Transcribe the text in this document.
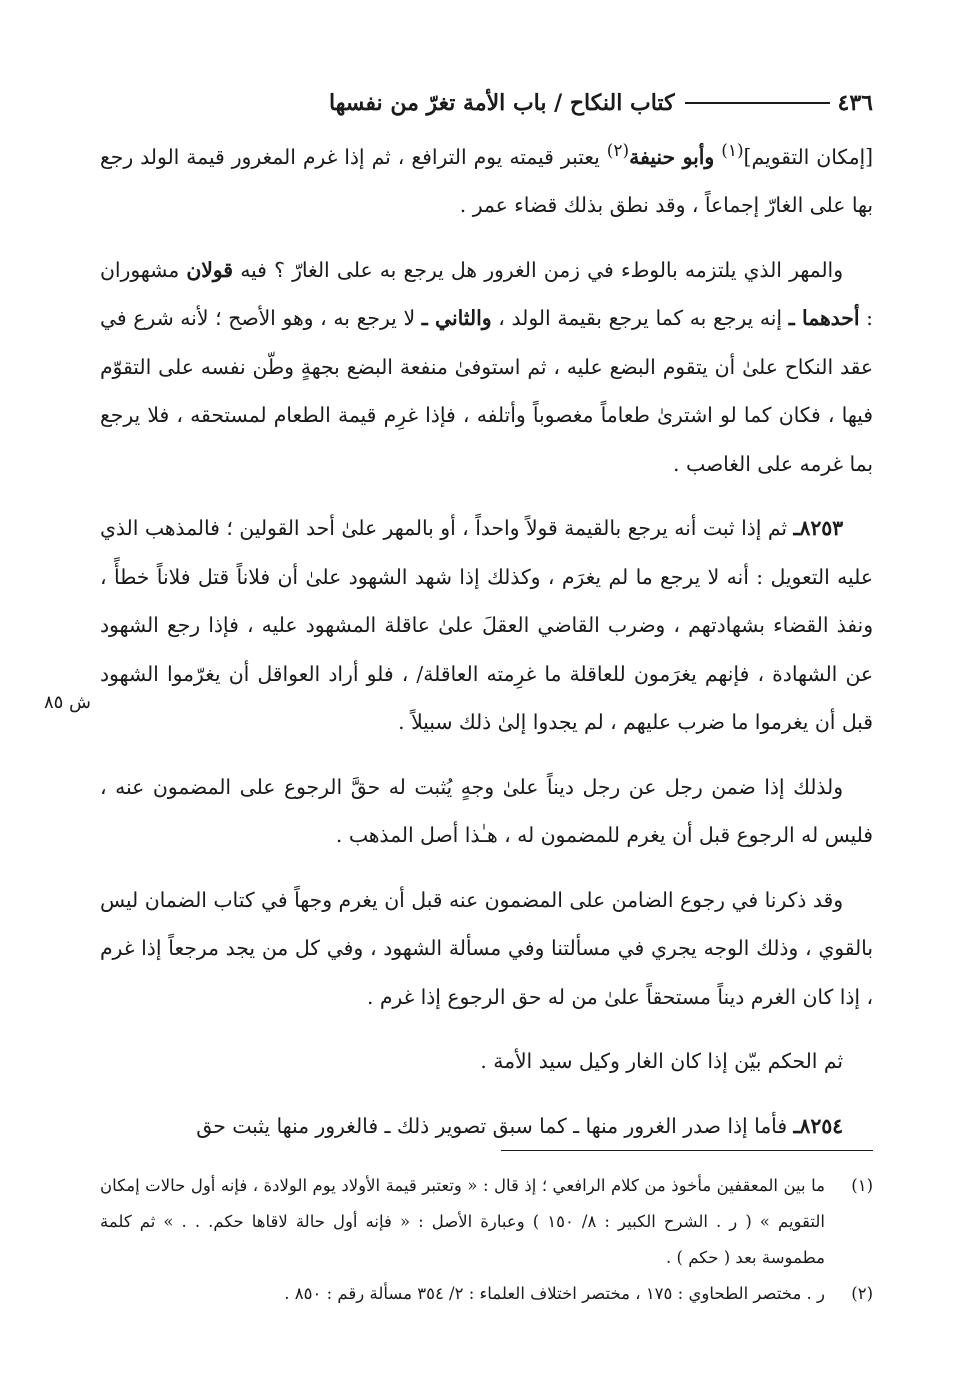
٤٣٦
كتاب النكاح / باب الأمة تغرّ من نفسها

[إمكان التقويم]$^{(١)}$ وأبو حنيفة$^{(٢)}$ يعتبر قيمته يوم الترافع ، ثم إذا غرم المغرور قيمة الولد رجع بها على الغارّ إجماعاً ، وقد نطق بذلك قضاء عمر .

والمهر الذي يلتزمه بالوطء في زمن الغرور هل يرجع به على الغارّ ؟ فيه قولان مشهوران : أحدهما ـ إنه يرجع به كما يرجع بقيمة الولد ، والثاني ـ لا يرجع به ، وهو الأصح ؛ لأنه شرع في عقد النكاح علىٰ أن يتقوم البضع عليه ، ثم استوفىٰ منفعة البضع بجهةٍ وطّن نفسه على التقوّم فيها ، فكان كما لو اشترىٰ طعاماً مغصوباً وأتلفه ، فإذا غرِم قيمة الطعام لمستحقه ، فلا يرجع بما غرمه على الغاصب .

٨٢٥٣ـ ثم إذا ثبت أنه يرجع بالقيمة قولاً واحداً ، أو بالمهر علىٰ أحد القولين ؛ فالمذهب الذي عليه التعويل : أنه لا يرجع ما لم يغرَم ، وكذلك إذا شهد الشهود علىٰ أن فلاناً قتل فلاناً خطأً ، ونفذ القضاء بشهادتهم ، وضرب القاضي العقلَ علىٰ عاقلة المشهود عليه ، فإذا رجع الشهود عن الشهادة ، فإنهم يغرَمون للعاقلة ما غرِمته العاقلة/ ، فلو أراد العواقل أن يغرّموا الشهود قبل أن يغرموا ما ضرب عليهم ، لم يجدوا إلىٰ ذلك سبيلاً .

ولذلك إذا ضمن رجل عن رجل ديناً علىٰ وجهٍ يُثبت له حقَّ الرجوع على المضمون عنه ، فليس له الرجوع قبل أن يغرم للمضمون له ، هـٰذا أصل المذهب .

وقد ذكرنا في رجوع الضامن على المضمون عنه قبل أن يغرم وجهاً في كتاب الضمان ليس بالقوي ، وذلك الوجه يجري في مسألتنا وفي مسألة الشهود ، وفي كل من يجد مرجعاً إذا غرم ، إذا كان الغرم ديناً مستحقاً علىٰ من له حق الرجوع إذا غرم .

ثم الحكم بيّن إذا كان الغار وكيل سيد الأمة .

٨٢٥٤ـ فأما إذا صدر الغرور منها ـ كما سبق تصوير ذلك ـ فالغرور منها يثبت حق

ش ٨٥
(١)
ما بين المعقفين مأخوذ من كلام الرافعي ؛ إذ قال : « وتعتبر قيمة الأولاد يوم الولادة ، فإنه أول حالات إمكان التقويم » ( ر . الشرح الكبير : ٨/ ١٥٠ ) وعبارة الأصل : « فإنه أول حالة لاقاها حكم. . . » ثم كلمة مطموسة بعد ( حكم ) .
(٢)
ر . مختصر الطحاوي : ١٧٥ ، مختصر اختلاف العلماء : ٢/ ٣٥٤ مسألة رقم : ٨٥٠ .
